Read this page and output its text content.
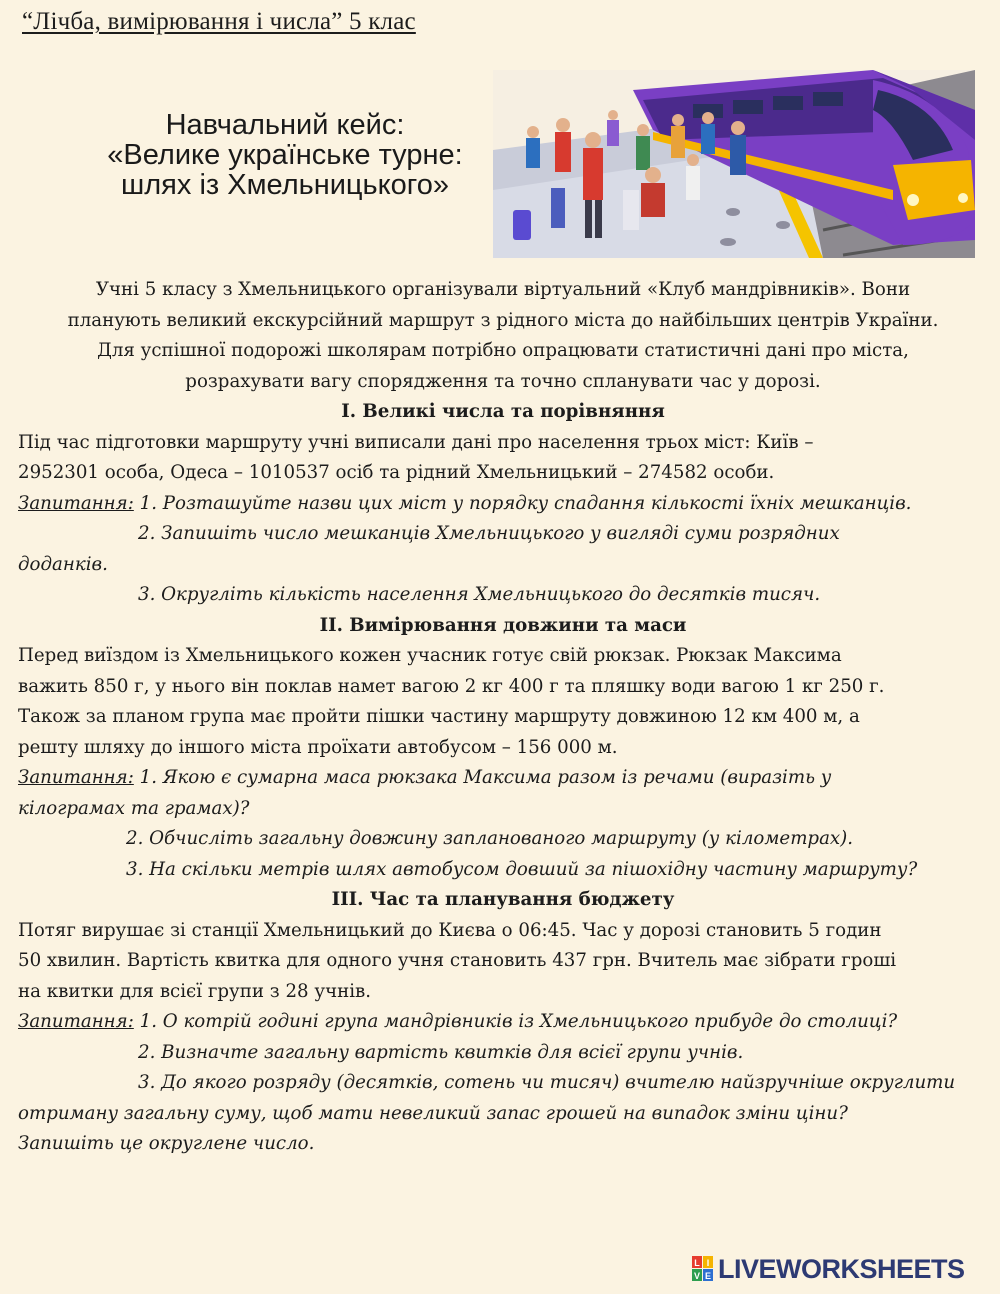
“Лічба, вимірювання і числа” 5 клас
Навчальний кейс:
«Велике українське турне:
шлях із Хмельницького»

Учні 5 класу з Хмельницького організували віртуальний «Клуб мандрівників». Вони

планують великий екскурсійний маршрут з рідного міста до найбільших центрів України.

Для успішної подорожі школярам потрібно опрацювати статистичні дані про міста,

розрахувати вагу спорядження та точно спланувати час у дорозі.

I. Великі числа та порівняння
Під час підготовки маршруту учні виписали дані про населення трьох міст: Київ –
2952301 особа, Одеса – 1010537 осіб та рідний Хмельницький – 274582 особи.
Запитання: 1. Розташуйте назви цих міст у порядку спадання кількості їхніх мешканців.
2. Запишіть число мешканців Хмельницького у вигляді суми розрядних
доданків.
3. Округліть кількість населення Хмельницького до десятків тисяч.
II. Вимірювання довжини та маси
Перед виїздом із Хмельницького кожен учасник готує свій рюкзак. Рюкзак Максима
важить 850 г, у нього він поклав намет вагою 2 кг 400 г та пляшку води вагою 1 кг 250 г.
Також за планом група має пройти пішки частину маршруту довжиною 12 км 400 м, а
решту шляху до іншого міста проїхати автобусом – 156 000 м.
Запитання: 1. Якою є сумарна маса рюкзака Максима разом із речами (виразіть у
кілограмах та грамах)?
2. Обчисліть загальну довжину запланованого маршруту (у кілометрах).
3. На скільки метрів шлях автобусом довший за пішохідну частину маршруту?
III. Час та планування бюджету
Потяг вирушає зі станції Хмельницький до Києва о 06:45. Час у дорозі становить 5 годин
50 хвилин. Вартість квитка для одного учня становить 437 грн. Вчитель має зібрати гроші
на квитки для всієї групи з 28 учнів.
Запитання: 1. О котрій годині група мандрівників із Хмельницького прибуде до столиці?
2. Визначте загальну вартість квитків для всієї групи учнів.
3. До якого розряду (десятків, сотень чи тисяч) вчителю найзручніше округлити
отриману загальну суму, щоб мати невеликий запас грошей на випадок зміни ціни?
Запишіть це округлене число.
L I
V E LIVEWORKSHEETS
